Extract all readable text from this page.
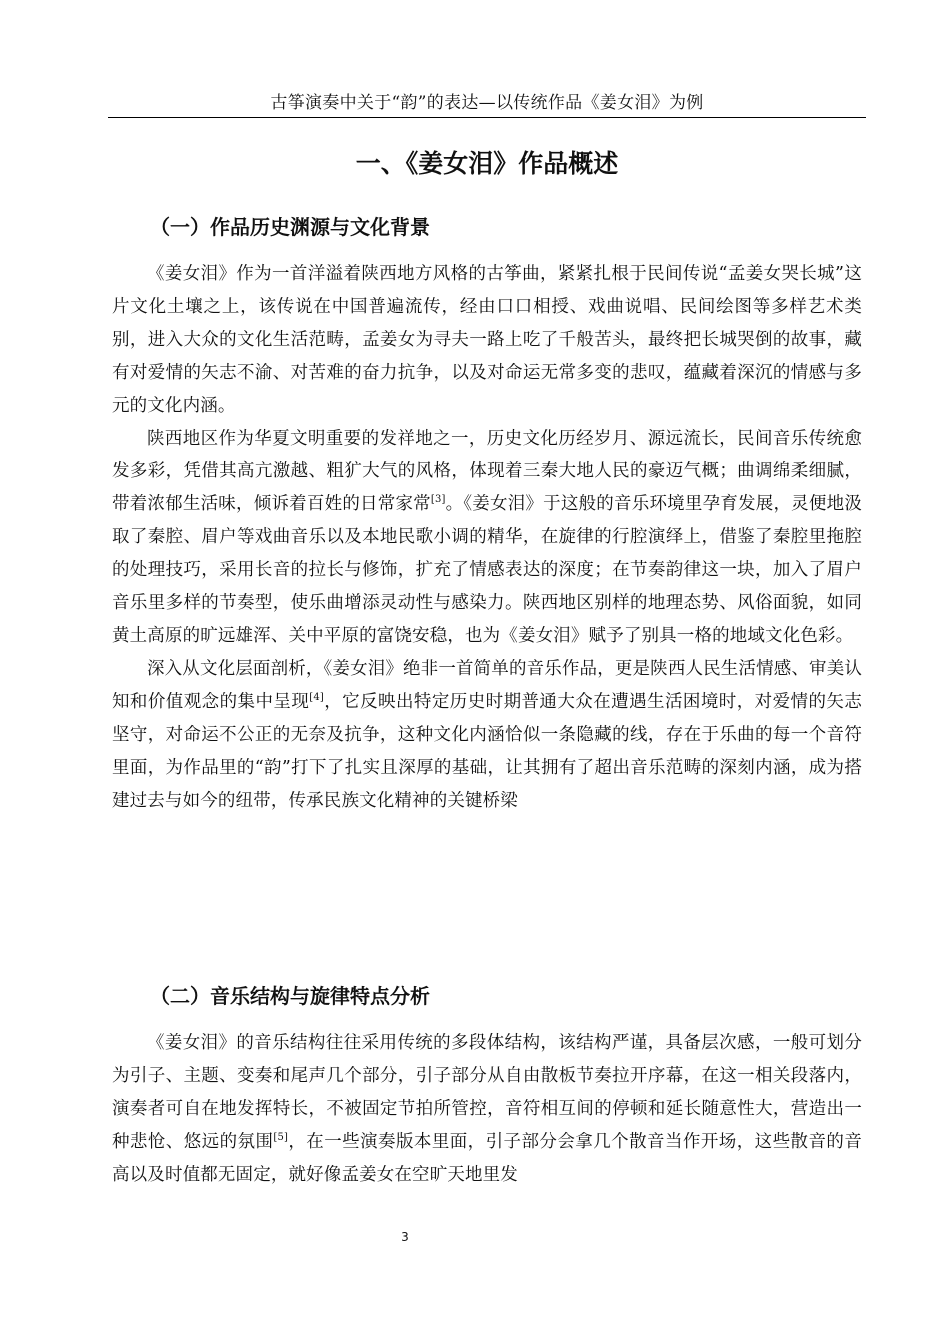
古筝演奏中关于“韵”的表达—以传统作品《姜女泪》为例
一、《姜女泪》作品概述
（一）作品历史渊源与文化背景

《姜女泪》作为一首洋溢着陕西地方风格的古筝曲，紧紧扎根于民间传说“孟姜女哭长城”这片文化土壤之上，该传说在中国普遍流传，经由口口相授、戏曲说唱、民间绘图等多样艺术类别，进入大众的文化生活范畴，孟姜女为寻夫一路上吃了千般苦头，最终把长城哭倒的故事，藏有对爱情的矢志不渝、对苦难的奋力抗争，以及对命运无常多变的悲叹，蕴藏着深沉的情感与多元的文化内涵。

陕西地区作为华夏文明重要的发祥地之一，历史文化历经岁月、源远流长，民间音乐传统愈发多彩，凭借其高亢激越、粗犷大气的风格，体现着三秦大地人民的豪迈气概；曲调绵柔细腻，带着浓郁生活味，倾诉着百姓的日常家常[3]。《姜女泪》于这般的音乐环境里孕育发展，灵便地汲取了秦腔、眉户等戏曲音乐以及本地民歌小调的精华，在旋律的行腔演绎上，借鉴了秦腔里拖腔的处理技巧，采用长音的拉长与修饰，扩充了情感表达的深度；在节奏韵律这一块，加入了眉户音乐里多样的节奏型，使乐曲增添灵动性与感染力。陕西地区别样的地理态势、风俗面貌，如同黄土高原的旷远雄浑、关中平原的富饶安稳，也为《姜女泪》赋予了别具一格的地域文化色彩。

深入从文化层面剖析，《姜女泪》绝非一首简单的音乐作品，更是陕西人民生活情感、审美认知和价值观念的集中呈现[4]，它反映出特定历史时期普通大众在遭遇生活困境时，对爱情的矢志坚守，对命运不公正的无奈及抗争，这种文化内涵恰似一条隐藏的线，存在于乐曲的每一个音符里面，为作品里的“韵”打下了扎实且深厚的基础，让其拥有了超出音乐范畴的深刻内涵，成为搭建过去与如今的纽带，传承民族文化精神的关键桥梁

（二）音乐结构与旋律特点分析

《姜女泪》的音乐结构往往采用传统的多段体结构，该结构严谨，具备层次感，一般可划分为引子、主题、变奏和尾声几个部分，引子部分从自由散板节奏拉开序幕，在这一相关段落内，演奏者可自在地发挥特长，不被固定节拍所管控，音符相互间的停顿和延长随意性大，营造出一种悲怆、悠远的氛围[5]，在一些演奏版本里面，引子部分会拿几个散音当作开场，这些散音的音高以及时值都无固定，就好像孟姜女在空旷天地里发

3
